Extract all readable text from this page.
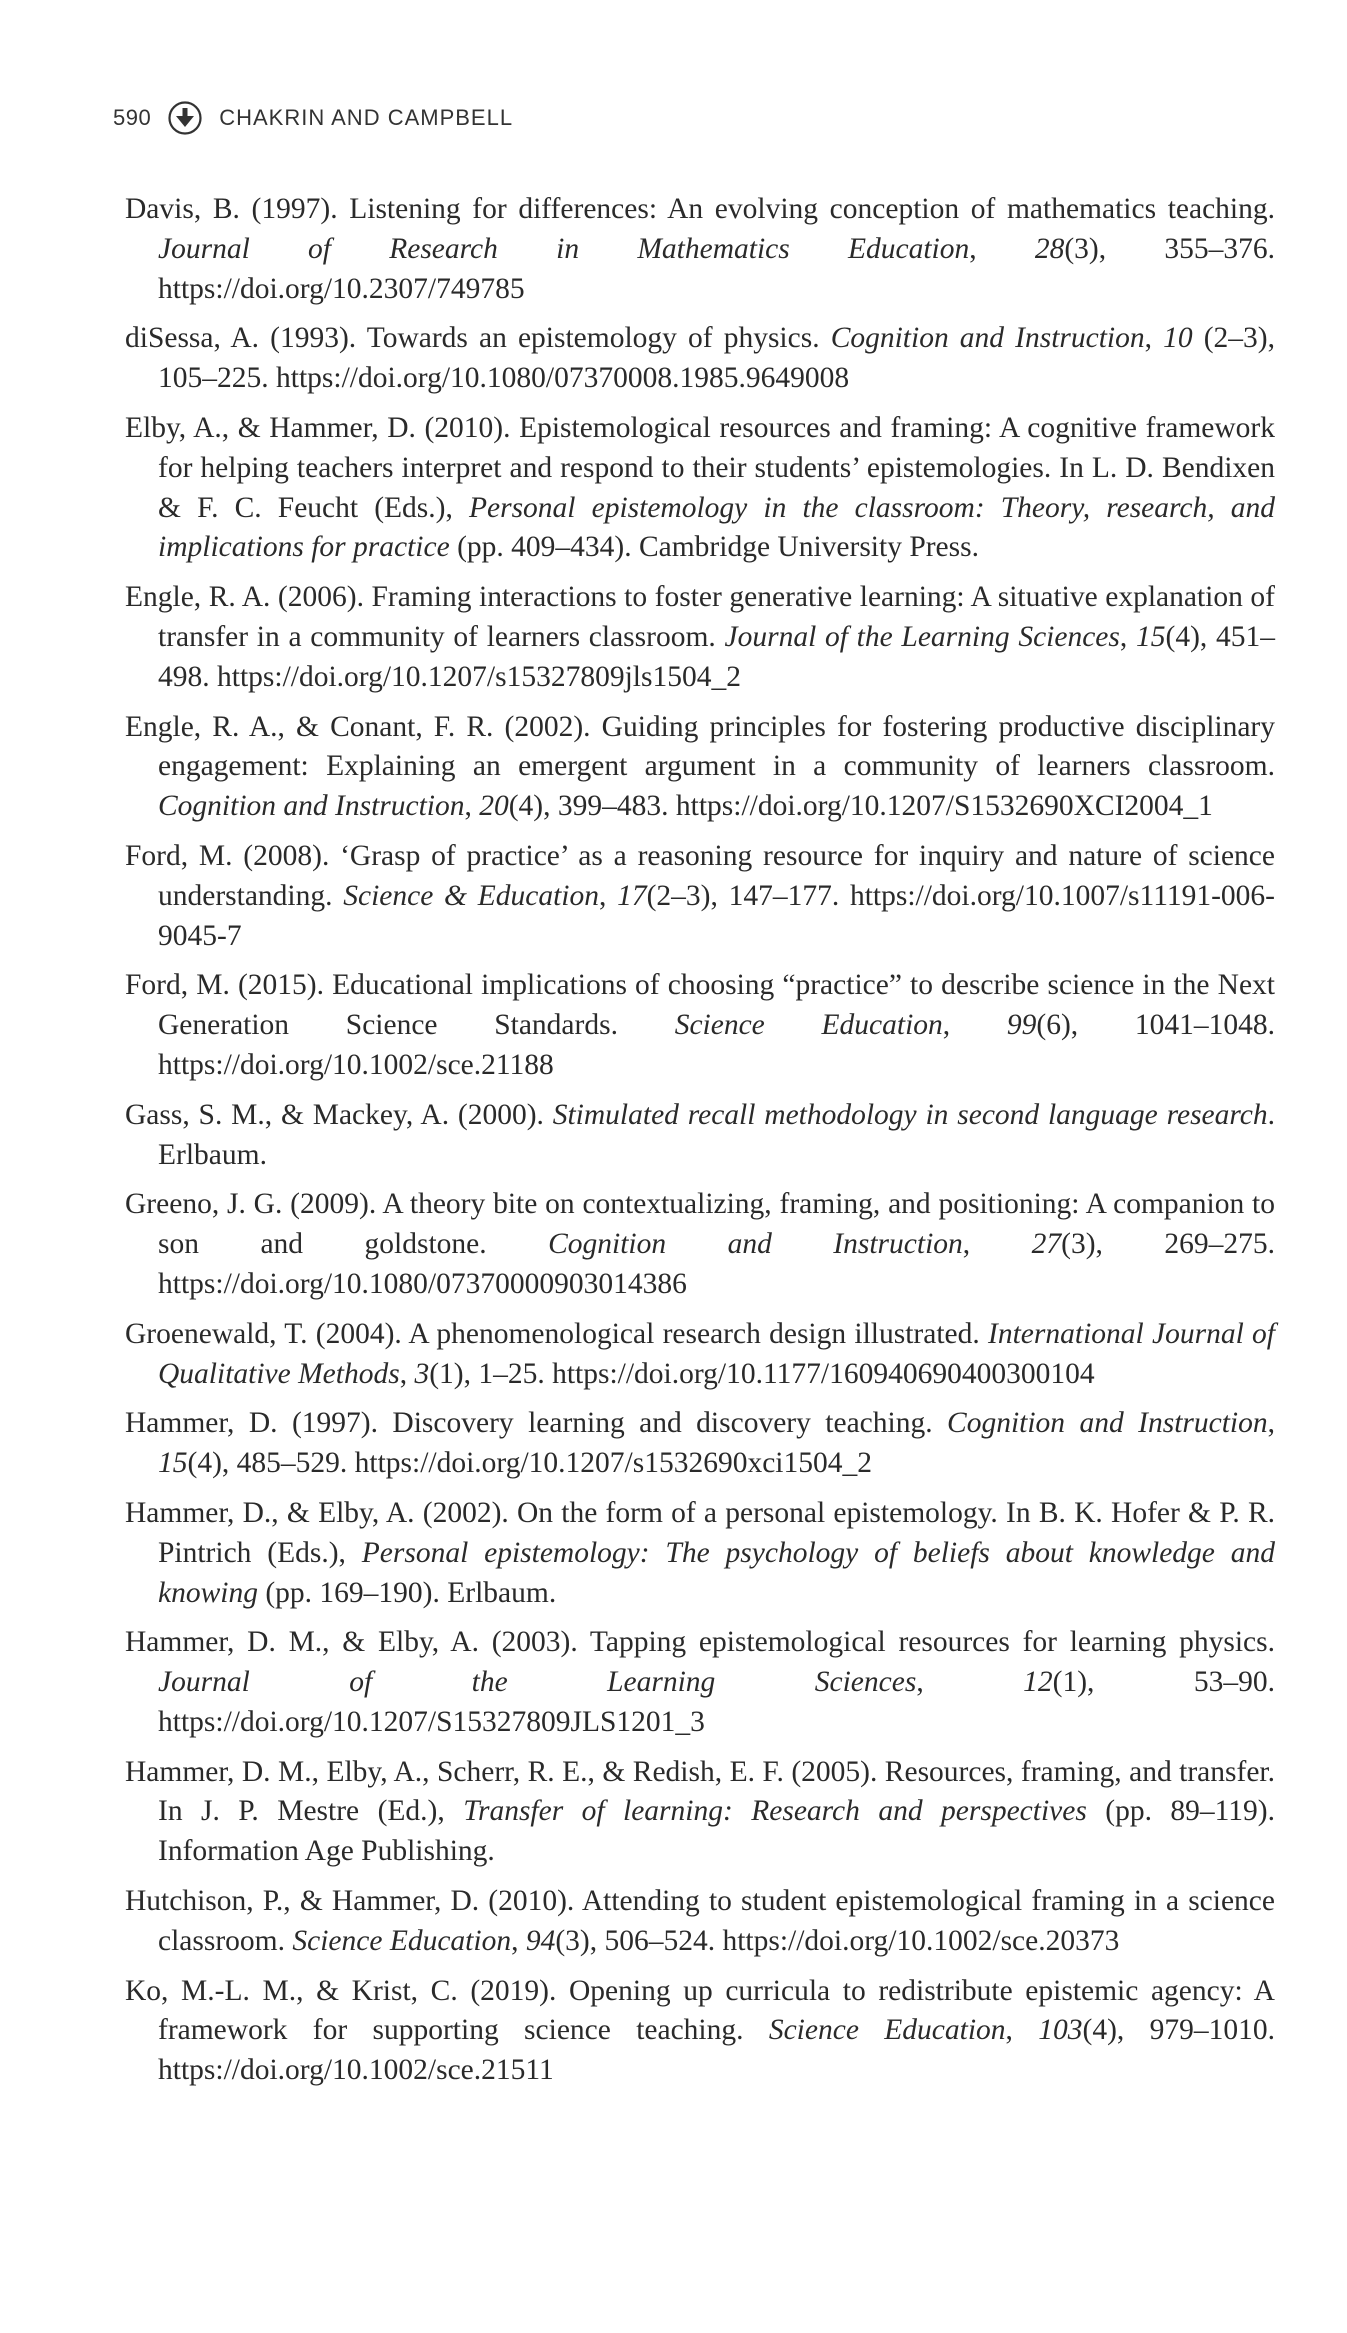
590	CHAKRIN AND CAMPBELL

Davis, B. (1997). Listening for differences: An evolving conception of mathematics teaching. Journal of Research in Mathematics Education, 28(3), 355–376. https://doi.org/10.2307/749785

diSessa, A. (1993). Towards an epistemology of physics. Cognition and Instruction, 10 (2–3), 105–225. https://doi.org/10.1080/07370008.1985.9649008

Elby, A., & Hammer, D. (2010). Epistemological resources and framing: A cognitive framework for helping teachers interpret and respond to their students’ epistemologies. In L. D. Bendixen & F. C. Feucht (Eds.), Personal epistemology in the classroom: Theory, research, and implications for practice (pp. 409–434). Cambridge University Press.

Engle, R. A. (2006). Framing interactions to foster generative learning: A situative explanation of transfer in a community of learners classroom. Journal of the Learning Sciences, 15(4), 451–498. https://doi.org/10.1207/s15327809jls1504_2

Engle, R. A., & Conant, F. R. (2002). Guiding principles for fostering productive disciplinary engagement: Explaining an emergent argument in a community of learners classroom. Cognition and Instruction, 20(4), 399–483. https://doi.org/10.1207/S1532690XCI2004_1

Ford, M. (2008). ‘Grasp of practice’ as a reasoning resource for inquiry and nature of science understanding. Science & Education, 17(2–3), 147–177. https://doi.org/10.1007/s11191-006-9045-7

Ford, M. (2015). Educational implications of choosing “practice” to describe science in the Next Generation Science Standards. Science Education, 99(6), 1041–1048. https://doi.org/10.1002/sce.21188

Gass, S. M., & Mackey, A. (2000). Stimulated recall methodology in second language research. Erlbaum.

Greeno, J. G. (2009). A theory bite on contextualizing, framing, and positioning: A companion to son and goldstone. Cognition and Instruction, 27(3), 269–275. https://doi.org/10.1080/07370000903014386

Groenewald, T. (2004). A phenomenological research design illustrated. International Journal of Qualitative Methods, 3(1), 1–25. https://doi.org/10.1177/160940690400300104

Hammer, D. (1997). Discovery learning and discovery teaching. Cognition and Instruction, 15(4), 485–529. https://doi.org/10.1207/s1532690xci1504_2

Hammer, D., & Elby, A. (2002). On the form of a personal epistemology. In B. K. Hofer & P. R. Pintrich (Eds.), Personal epistemology: The psychology of beliefs about knowledge and knowing (pp. 169–190). Erlbaum.

Hammer, D. M., & Elby, A. (2003). Tapping epistemological resources for learning physics. Journal of the Learning Sciences, 12(1), 53–90. https://doi.org/10.1207/S15327809JLS1201_3

Hammer, D. M., Elby, A., Scherr, R. E., & Redish, E. F. (2005). Resources, framing, and transfer. In J. P. Mestre (Ed.), Transfer of learning: Research and perspectives (pp. 89–119). Information Age Publishing.

Hutchison, P., & Hammer, D. (2010). Attending to student epistemological framing in a science classroom. Science Education, 94(3), 506–524. https://doi.org/10.1002/sce.20373

Ko, M.-L. M., & Krist, C. (2019). Opening up curricula to redistribute epistemic agency: A framework for supporting science teaching. Science Education, 103(4), 979–1010. https://doi.org/10.1002/sce.21511
